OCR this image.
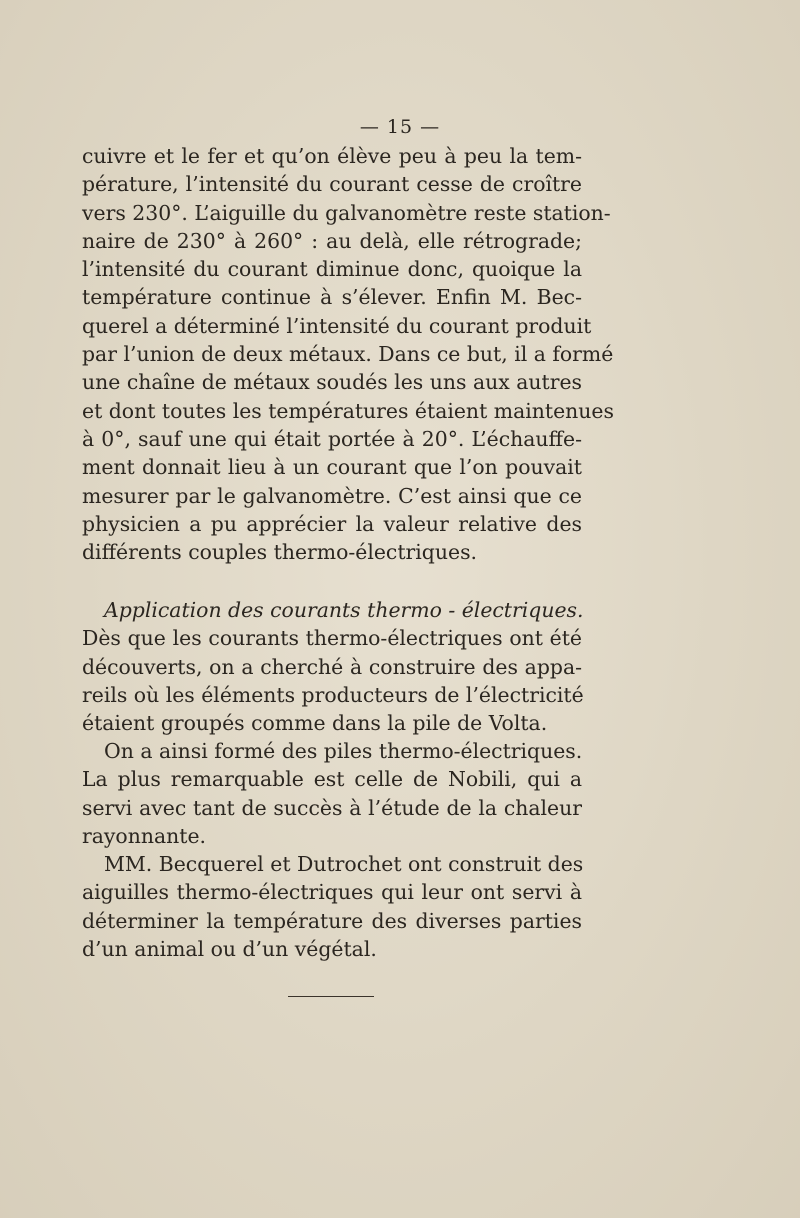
— 15 —
cuivre et le fer et qu’on élève peu à peu la tem-
pérature, l’intensité du courant cesse de croître
vers 230°. L’aiguille du galvanomètre reste station-
naire de 230° à 260° : au delà, elle rétrograde;
l’intensité du courant diminue donc, quoique la
température continue à s’élever. Enfin M. Bec-
querel a déterminé l’intensité du courant produit
par l’union de deux métaux. Dans ce but, il a formé
une chaîne de métaux soudés les uns aux autres
et dont toutes les températures étaient maintenues
à 0°, sauf une qui était portée à 20°. L’échauffe-
ment donnait lieu à un courant que l’on pouvait
mesurer par le galvanomètre. C’est ainsi que ce
physicien a pu apprécier la valeur relative des
différents couples thermo-électriques.
Application des courants thermo - électriques.
Dès que les courants thermo-électriques ont été
découverts, on a cherché à construire des appa-
reils où les éléments producteurs de l’électricité
étaient groupés comme dans la pile de Volta.
On a ainsi formé des piles thermo-électriques.
La plus remarquable est celle de Nobili, qui a
servi avec tant de succès à l’étude de la chaleur
rayonnante.
MM. Becquerel et Dutrochet ont construit des
aiguilles thermo-électriques qui leur ont servi à
déterminer la température des diverses parties
d’un animal ou d’un végétal.
